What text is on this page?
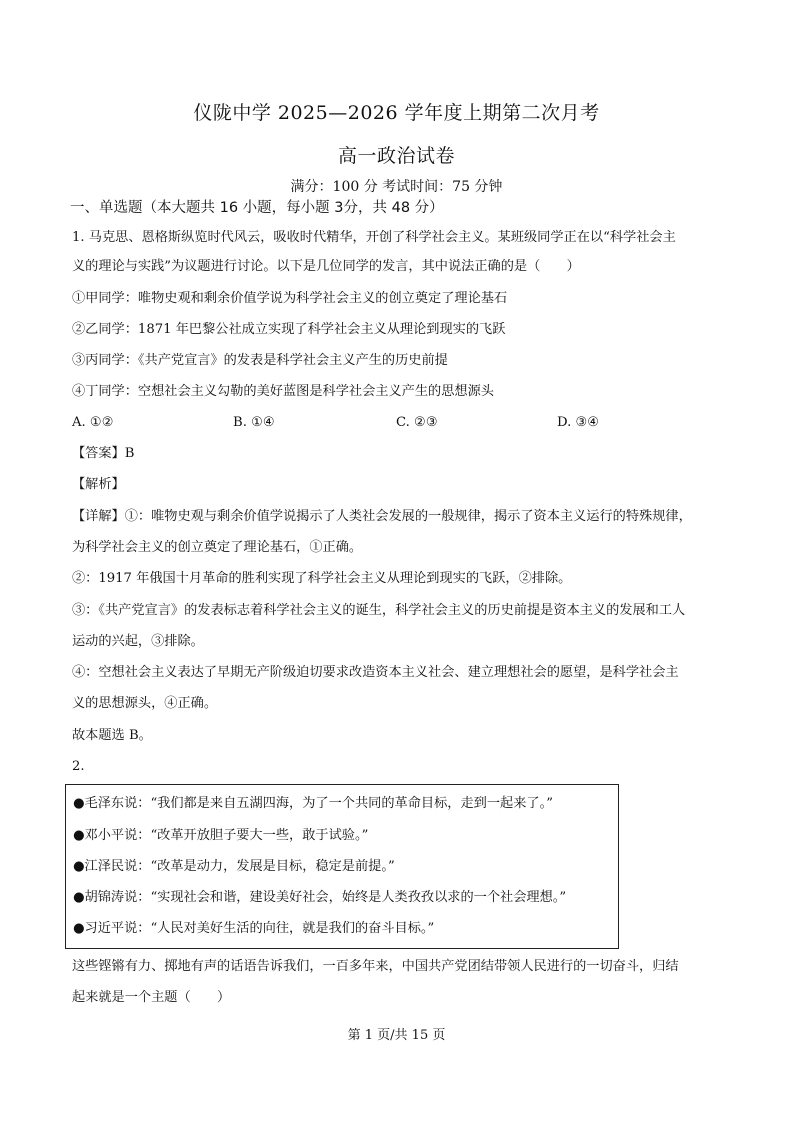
仪陇中学 2025—2026 学年度上期第二次月考
高一政治试卷
满分：100 分 考试时间：75 分钟
一、单选题（本大题共 16 小题，每小题 3分，共 48 分）
1. 马克思、恩格斯纵览时代风云，吸收时代精华，开创了科学社会主义。某班级同学正在以“科学社会主
义的理论与实践”为议题进行讨论。以下是几位同学的发言，其中说法正确的是（　　）
①甲同学：唯物史观和剩余价值学说为科学社会主义的创立奠定了理论基石
②乙同学：1871 年巴黎公社成立实现了科学社会主义从理论到现实的飞跃
③丙同学：《共产党宣言》的发表是科学社会主义产生的历史前提
④丁同学：空想社会主义勾勒的美好蓝图是科学社会主义产生的思想源头
A. ①②	B. ①④	C. ②③	D. ③④
【答案】B
【解析】
【详解】①：唯物史观与剩余价值学说揭示了人类社会发展的一般规律，揭示了资本主义运行的特殊规律，
为科学社会主义的创立奠定了理论基石，①正确。
②：1917 年俄国十月革命的胜利实现了科学社会主义从理论到现实的飞跃，②排除。
③：《共产党宣言》的发表标志着科学社会主义的诞生，科学社会主义的历史前提是资本主义的发展和工人
运动的兴起，③排除。
④：空想社会主义表达了早期无产阶级迫切要求改造资本主义社会、建立理想社会的愿望，是科学社会主
义的思想源头，④正确。
故本题选 B。
2.
●毛泽东说：“我们都是来自五湖四海，为了一个共同的革命目标，走到一起来了。”
●邓小平说：“改革开放胆子要大一些，敢于试验。”
●江泽民说：“改革是动力，发展是目标，稳定是前提。”
●胡锦涛说：“实现社会和谐，建设美好社会，始终是人类孜孜以求的一个社会理想。”
●习近平说：“人民对美好生活的向往，就是我们的奋斗目标。”
这些铿锵有力、掷地有声的话语告诉我们，一百多年来，中国共产党团结带领人民进行的一切奋斗，归结
起来就是一个主题（　　）
第 1 页/共 15 页
